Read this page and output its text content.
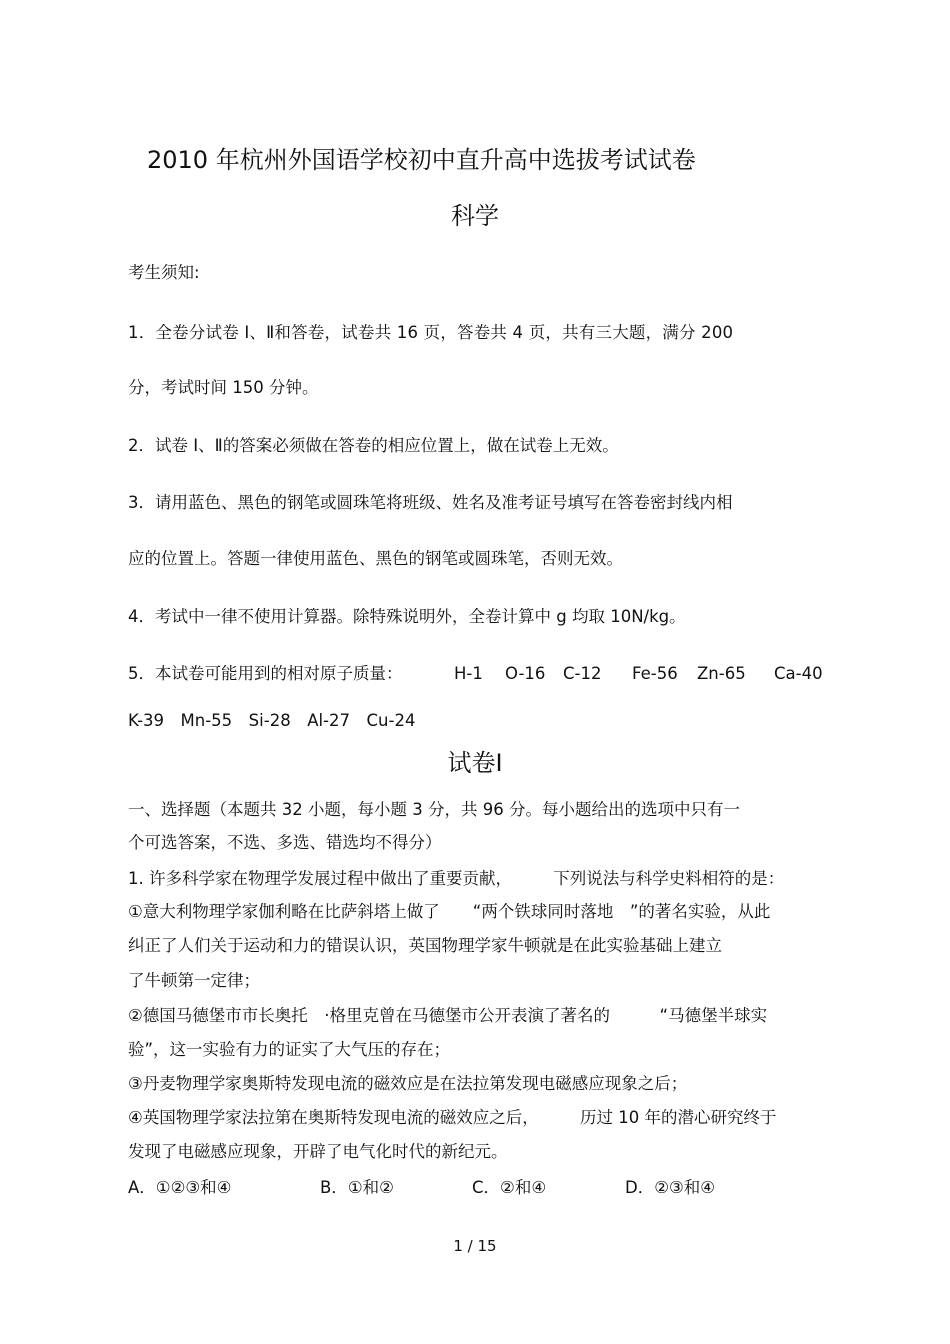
2010 年杭州外国语学校初中直升高中选拔考试试卷
科学
考生须知:
1．全卷分试卷 Ⅰ、Ⅱ和答卷，试卷共 16 页，答卷共 4 页，共有三大题，满分 200
分，考试时间 150 分钟。
2．试卷 Ⅰ、Ⅱ的答案必须做在答卷的相应位置上，做在试卷上无效。
3．请用蓝色、黑色的钢笔或圆珠笔将班级、姓名及准考证号填写在答卷密封线内相
应的位置上。答题一律使用蓝色、黑色的钢笔或圆珠笔，否则无效。
4．考试中一律不使用计算器。除特殊说明外，全卷计算中 g 均取 10N/kg。
5．本试卷可能用到的相对原子质量：	H-1 O-16 C-12 Fe-56 Zn-65 Ca-40
K-39　Mn-55　Si-28　Al-27　Cu-24
试卷Ⅰ
一、选择题（本题共 32 小题，每小题 3 分，共 96 分。每小题给出的选项中只有一
个可选答案，不选、多选、错选均不得分）
1. 许多科学家在物理学发展过程中做出了重要贡献，　　　下列说法与科学史料相符的是：
①意大利物理学家伽利略在比萨斜塔上做了　　“两个铁球同时落地　”的著名实验，从此
纠正了人们关于运动和力的错误认识，英国物理学家牛顿就是在此实验基础上建立
了牛顿第一定律；
②德国马德堡市市长奥托　·格里克曾在马德堡市公开表演了著名的　　　“马德堡半球实
验”，这一实验有力的证实了大气压的存在；
③丹麦物理学家奥斯特发现电流的磁效应是在法拉第发现电磁感应现象之后；
④英国物理学家法拉第在奥斯特发现电流的磁效应之后，　　　历过 10 年的潜心研究终于
发现了电磁感应现象，开辟了电气化时代的新纪元。
A．①②③和④	B．①和②	C．②和④	D．②③和④
1 / 15
